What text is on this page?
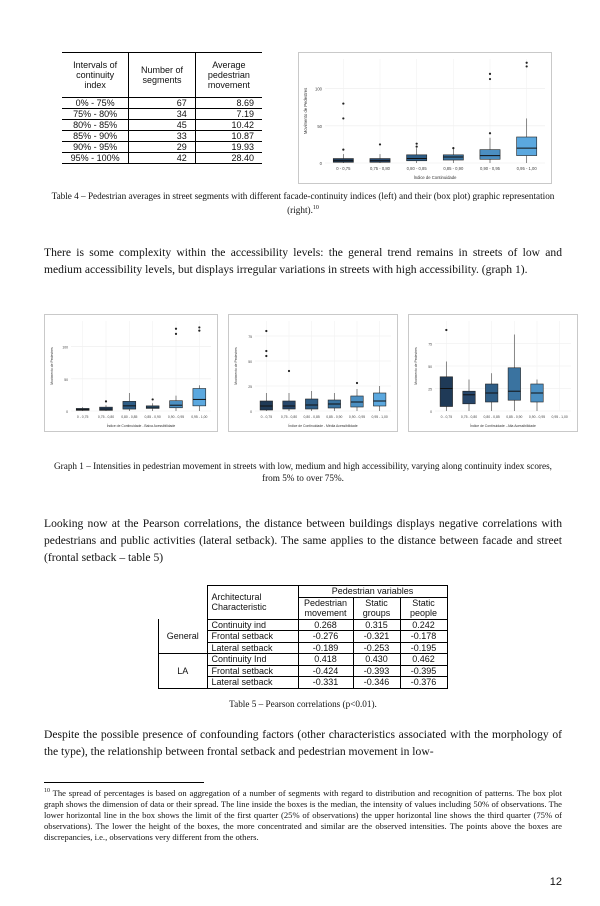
Intervals of continuity index	Number of segments	Average pedestrian movement
0% - 75%	67	8.69
75% - 80%	34	7.19
80% - 85%	45	10.42
85% - 90%	33	10.87
90% - 95%	29	19.93
95% - 100%	42	28.40
0
50
100
0 - 0,75	0,75 - 0,80	0,80 - 0,85	0,85 - 0,90	0,90 - 0,95	0,95 - 1,00
Índice de Continuidade
Movimento de Pedestres
Table 4 – Pedestrian averages in street segments with different facade-continuity indices (left) and their (box plot) graphic representation (right).$^{10}$
There is some complexity within the accessibility levels: the general trend remains in streets of low and medium accessibility levels, but displays irregular variations in streets with high accessibility. (graph 1).
0
50
100
0 - 0,75	0,75 - 0,80 0,80 - 0,85 0,85 - 0,90 0,90 - 0,95 0,95 - 1,00
Índice de Continuidade - Baixa Acessibilidade
Movimento de Pedestres
0
25
50
75
0 - 0,75	0,75 - 0,80 0,80 - 0,85 0,85 - 0,90 0,90 - 0,95 0,95 - 1,00
Índice de Continuidade - Média Acessibilidade
Movimento de Pedestres
0
25
50
75
0 - 0,75	0,75 - 0,80 0,80 - 0,85 0,85 - 0,90 0,90 - 0,95 0,95 - 1,00
Índice de Continuidade - Alta Acessibilidade
Movimento de Pedestres
Graph 1 – Intensities in pedestrian movement in streets with low, medium and high accessibility, varying along continuity index scores, from 5% to over 75%.
Looking now at the Pearson correlations, the distance between buildings displays negative correlations with pedestrians and public activities (lateral setback). The same applies to the distance between facade and street (frontal setback – table 5)
	Architectural Characteristic	Pedestrian variables		
		Pedestrian movement	Static groups	Static people
General	Continuity ind	0.268	0.315	0.242
	Frontal setback	-0.276	-0.321	-0.178
	Lateral setback	-0.189	-0.253	-0.195
LA	Continuity Ind	0.418	0.430	0.462
	Frontal setback	-0.424	-0.393	-0.395
	Lateral setback	-0.331	-0.346	-0.376
Table 5 – Pearson correlations (p<0.01).
Despite the possible presence of confounding factors (other characteristics associated with the morphology of the type), the relationship between frontal setback and pedestrian movement in low-
$^{10}$ The spread of percentages is based on aggregation of a number of segments with regard to distribution and recognition of patterns. The box plot graph shows the dimension of data or their spread. The line inside the boxes is the median, the intensity of values including 50% of observations. The lower horizontal line in the box shows the limit of the first quarter (25% of observations) the upper horizontal line shows the third quarter (75% of observations). The lower the height of the boxes, the more concentrated and similar are the observed intensities. The points above the boxes are discrepancies, i.e., observations very different from the others.
12
